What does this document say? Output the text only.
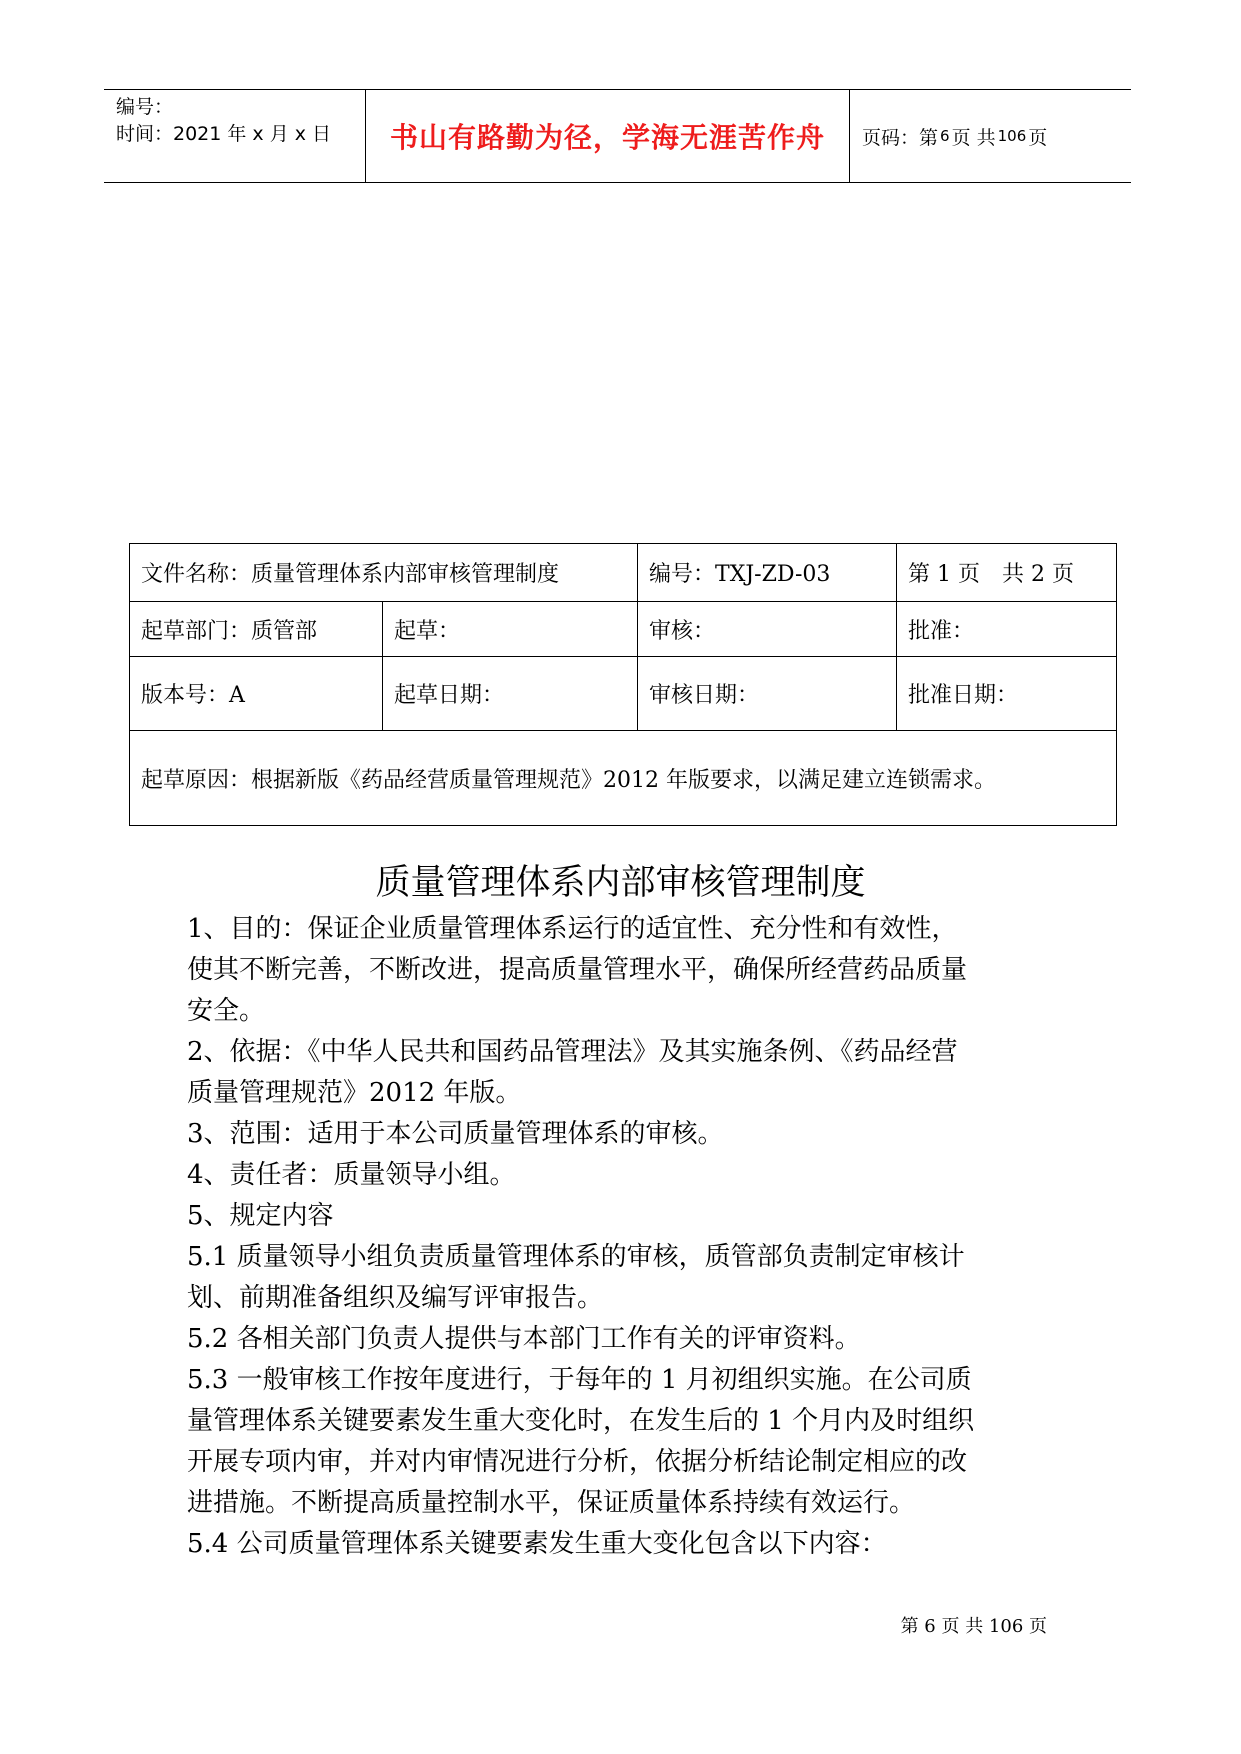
编号：
时间：2021 年 x 月 x 日	书山有路勤为径，学海无涯苦作舟	页码：第 6 页 共 106 页
文件名称：质量管理体系内部审核管理制度		编号：TXJ-ZD-03	第 1 页　共 2 页
起草部门：质管部	起草：	审核：	批准：
版本号：A	起草日期：	审核日期：	批准日期：
起草原因：根据新版《药品经营质量管理规范》2012 年版要求，以满足建立连锁需求。			
质量管理体系内部审核管理制度

1、目的：保证企业质量管理体系运行的适宜性、充分性和有效性，

使其不断完善，不断改进，提高质量管理水平，确保所经营药品质量

安全。

2、依据：《中华人民共和国药品管理法》及其实施条例、《药品经营

质量管理规范》2012 年版。

3、范围：适用于本公司质量管理体系的审核。

4、责任者：质量领导小组。

5、规定内容

5.1 质量领导小组负责质量管理体系的审核，质管部负责制定审核计

划、前期准备组织及编写评审报告。

5.2 各相关部门负责人提供与本部门工作有关的评审资料。

5.3 一般审核工作按年度进行，于每年的 1 月初组织实施。在公司质

量管理体系关键要素发生重大变化时，在发生后的 1 个月内及时组织

开展专项内审，并对内审情况进行分析，依据分析结论制定相应的改

进措施。不断提高质量控制水平，保证质量体系持续有效运行。

5.4 公司质量管理体系关键要素发生重大变化包含以下内容：

第 6 页 共 106 页
